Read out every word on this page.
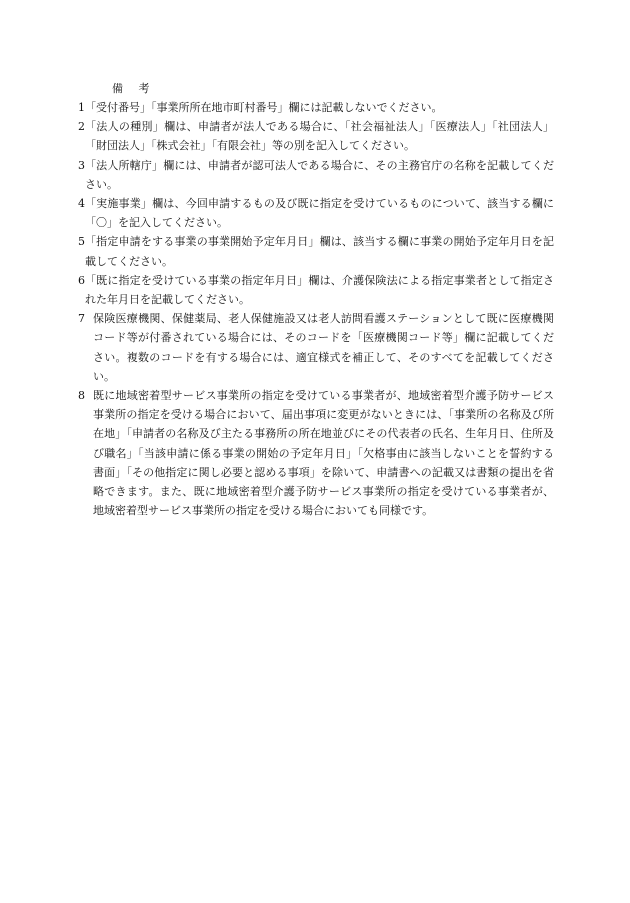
備 考
1 「受付番号」「事業所所在地市町村番号」欄には記載しないでください。
2 「法人の種別」欄は、申請者が法人である場合に、「社会福祉法人」「医療法人」「社団法人」「財団法人」「株式会社」「有限会社」等の別を記入してください。
3 「法人所轄庁」欄には、申請者が認可法人である場合に、その主務官庁の名称を記載してください。
4 「実施事業」欄は、今回申請するもの及び既に指定を受けているものについて、該当する欄に「〇」を記入してください。
5 「指定申請をする事業の事業開始予定年月日」欄は、該当する欄に事業の開始予定年月日を記載してください。
6 「既に指定を受けている事業の指定年月日」欄は、介護保険法による指定事業者として指定された年月日を記載してください。
7 保険医療機関、保健薬局、老人保健施設又は老人訪問看護ステーションとして既に医療機関コード等が付番されている場合には、そのコードを「医療機関コード等」欄に記載してください。複数のコードを有する場合には、適宜様式を補正して、そのすべてを記載してください。
8 既に地域密着型サービス事業所の指定を受けている事業者が、地域密着型介護予防サービス事業所の指定を受ける場合において、届出事項に変更がないときには、「事業所の名称及び所在地」「申請者の名称及び主たる事務所の所在地並びにその代表者の氏名、生年月日、住所及び職名」「当該申請に係る事業の開始の予定年月日」「欠格事由に該当しないことを誓約する書面」「その他指定に関し必要と認める事項」を除いて、申請書への記載又は書類の提出を省略できます。また、既に地域密着型介護予防サービス事業所の指定を受けている事業者が、地域密着型サービス事業所の指定を受ける場合においても同様です。
